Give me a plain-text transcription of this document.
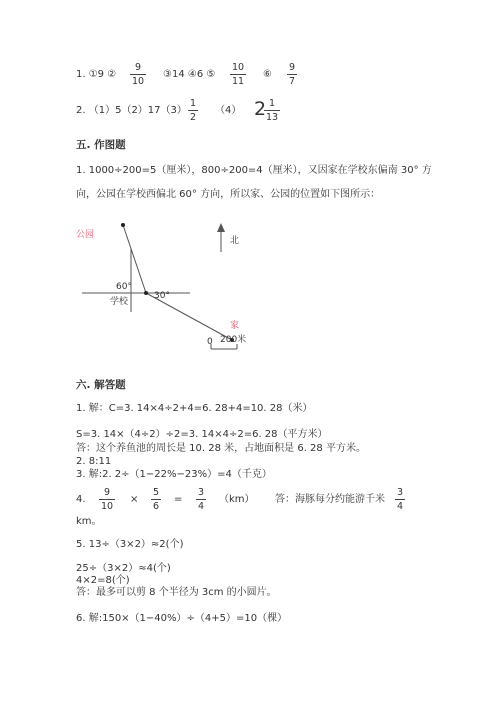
1. ①9 ② $\frac{9}{10}$ ③14 ④6 ⑤ $\frac{10}{11}$ ⑥ $\frac{9}{7}$
2. $(1)5(2)17(3) \frac{1}{2} (4)$ 2
$\frac{1}{13}$
五. 作图题
1. 1000÷200=5（厘米），800÷200=4（厘米），又因家在学校东偏南 30° 方
向，公园在学校西偏北 60° 方向，所以家、公园的位置如下图所示：
公园
北
60°
30°
学校
家
0 200米
六. 解答题
1. 解：C=3. 14×4÷2+4=6. 28+4=10. 28（米）
S=3. 14×（4÷2）÷2=3. 14×4÷2=6. 28（平方米）
答：这个养鱼池的周长是 10. 28 米，占地面积是 6. 28 平方米。
2. 8:11
3. 解:2. 2÷（1−22%−23%）=4（千克）
4. $\frac{9}{10} \times \frac{5}{6} = \frac{3}{4} (km)$ 答：海豚每分约能游千米 $\frac{3}{4}$
km。
5. 13÷（3×2）≈2(个)
25÷（3×2）≈4(个)
4×2=8(个)
答：最多可以剪 8 个半径为 3cm 的小圆片。
6. 解:150×（1−40%）÷（4+5）=10（棵）
